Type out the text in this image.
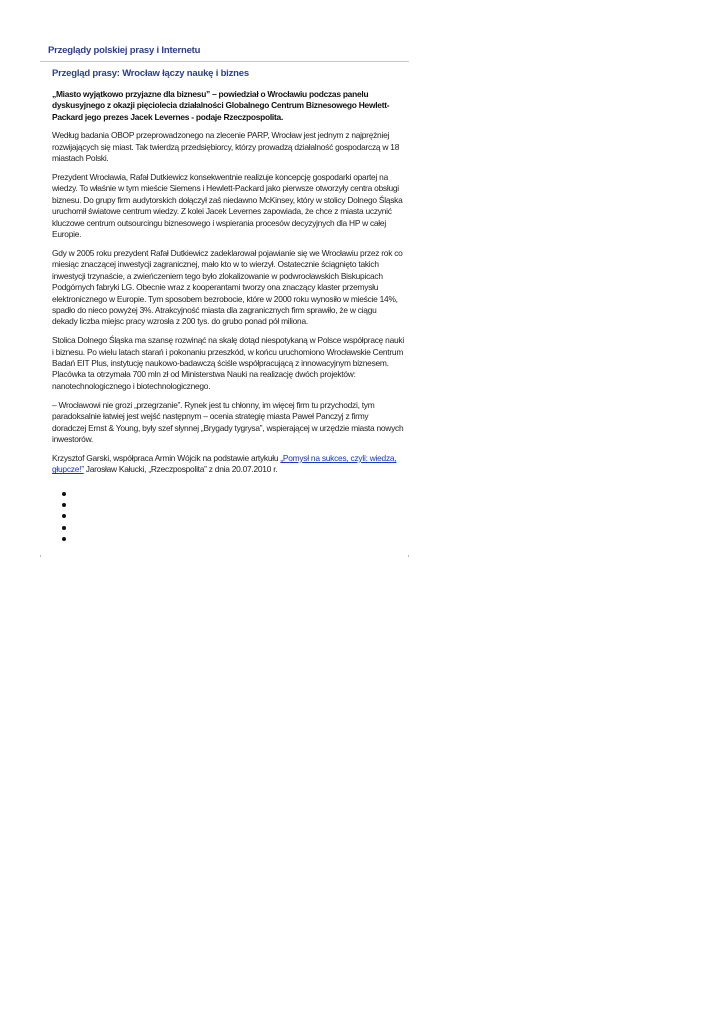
Przeglądy polskiej prasy i Internetu
Przegląd prasy: Wrocław łączy naukę i biznes

„Miasto wyjątkowo przyjazne dla biznesu” – powiedział o Wrocławiu podczas panelu dyskusyjnego z okazji pięciolecia działalności Globalnego Centrum Biznesowego Hewlett-Packard jego prezes Jacek Levernes - podaje Rzeczpospolita.

Według badania OBOP przeprowadzonego na zlecenie PARP, Wrocław jest jednym z najprężniej rozwijających się miast. Tak twierdzą przedsiębiorcy, którzy prowadzą działalność gospodarczą w 18 miastach Polski.

Prezydent Wrocławia, Rafał Dutkiewicz konsekwentnie realizuje koncepcję gospodarki opartej na wiedzy. To właśnie w tym mieście Siemens i Hewlett-Packard jako pierwsze otworzyły centra obsługi biznesu. Do grupy firm audytorskich dołączył zaś niedawno McKinsey, który w stolicy Dolnego Śląska uruchomił światowe centrum wiedzy. Z kolei Jacek Levernes zapowiada, że chce z miasta uczynić kluczowe centrum outsourcingu biznesowego i wspierania procesów decyzyjnych dla HP w całej Europie.

Gdy w 2005 roku prezydent Rafał Dutkiewicz zadeklarował pojawianie się we Wrocławiu przez rok co miesiąc znaczącej inwestycji zagranicznej, mało kto w to wierzył. Ostatecznie ściągnięto takich inwestycji trzynaście, a zwieńczeniem tego było zlokalizowanie w podwrocławskich Biskupicach Podgórnych fabryki LG. Obecnie wraz z kooperantami tworzy ona znaczący klaster przemysłu elektronicznego w Europie. Tym sposobem bezrobocie, które w 2000 roku wynosiło w mieście 14%, spadło do nieco powyżej 3%. Atrakcyjność miasta dla zagranicznych firm sprawiło, że w ciągu dekady liczba miejsc pracy wzrosła z 200 tys. do grubo ponad pół miliona.

Stolica Dolnego Śląska ma szansę rozwinąć na skalę dotąd niespotykaną w Polsce współpracę nauki i biznesu. Po wielu latach starań i pokonaniu przeszkód, w końcu uruchomiono Wrocławskie Centrum Badań EIT Plus, instytucję naukowo-badawczą ściśle współpracującą z innowacyjnym biznesem. Placówka ta otrzymała 700 mln zł od Ministerstwa Nauki na realizację dwóch projektów: nanotechnologicznego i biotechnologicznego.

– Wrocławowi nie grozi „przegrzanie”. Rynek jest tu chłonny, im więcej firm tu przychodzi, tym paradoksalnie łatwiej jest wejść następnym – ocenia strategię miasta Paweł Panczyj z firmy doradczej Ernst & Young, były szef słynnej „Brygady tygrysa”, wspierającej w urzędzie miasta nowych inwestorów.

Krzysztof Garski, współpraca Armin Wójcik na podstawie artykułu „Pomysł na sukces, czyli: wiedza, głupcze!” Jarosław Kałucki, „Rzeczpospolita” z dnia 20.07.2010 r.
